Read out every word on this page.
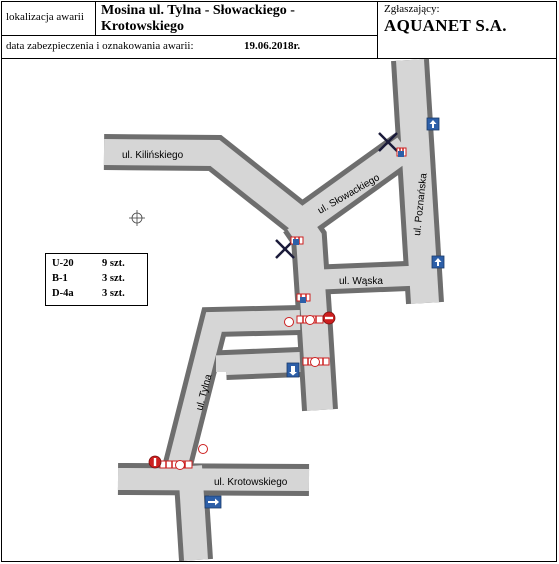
lokalizacja awarii Mosina ul. Tylna - Słowackiego -
Krotowskiego
Zgłaszający:
AQUANET S.A.
data zabezpieczenia i oznakowania awarii:	19.06.2018r.
ul. Kilińskiego
ul. Słowackiego	ul. Poznańska
ul. Wąska
ul. Tylna
ul. Krotowskiego
U-20	9 szt.
B-1	3 szt.
D-4a	3 szt.
